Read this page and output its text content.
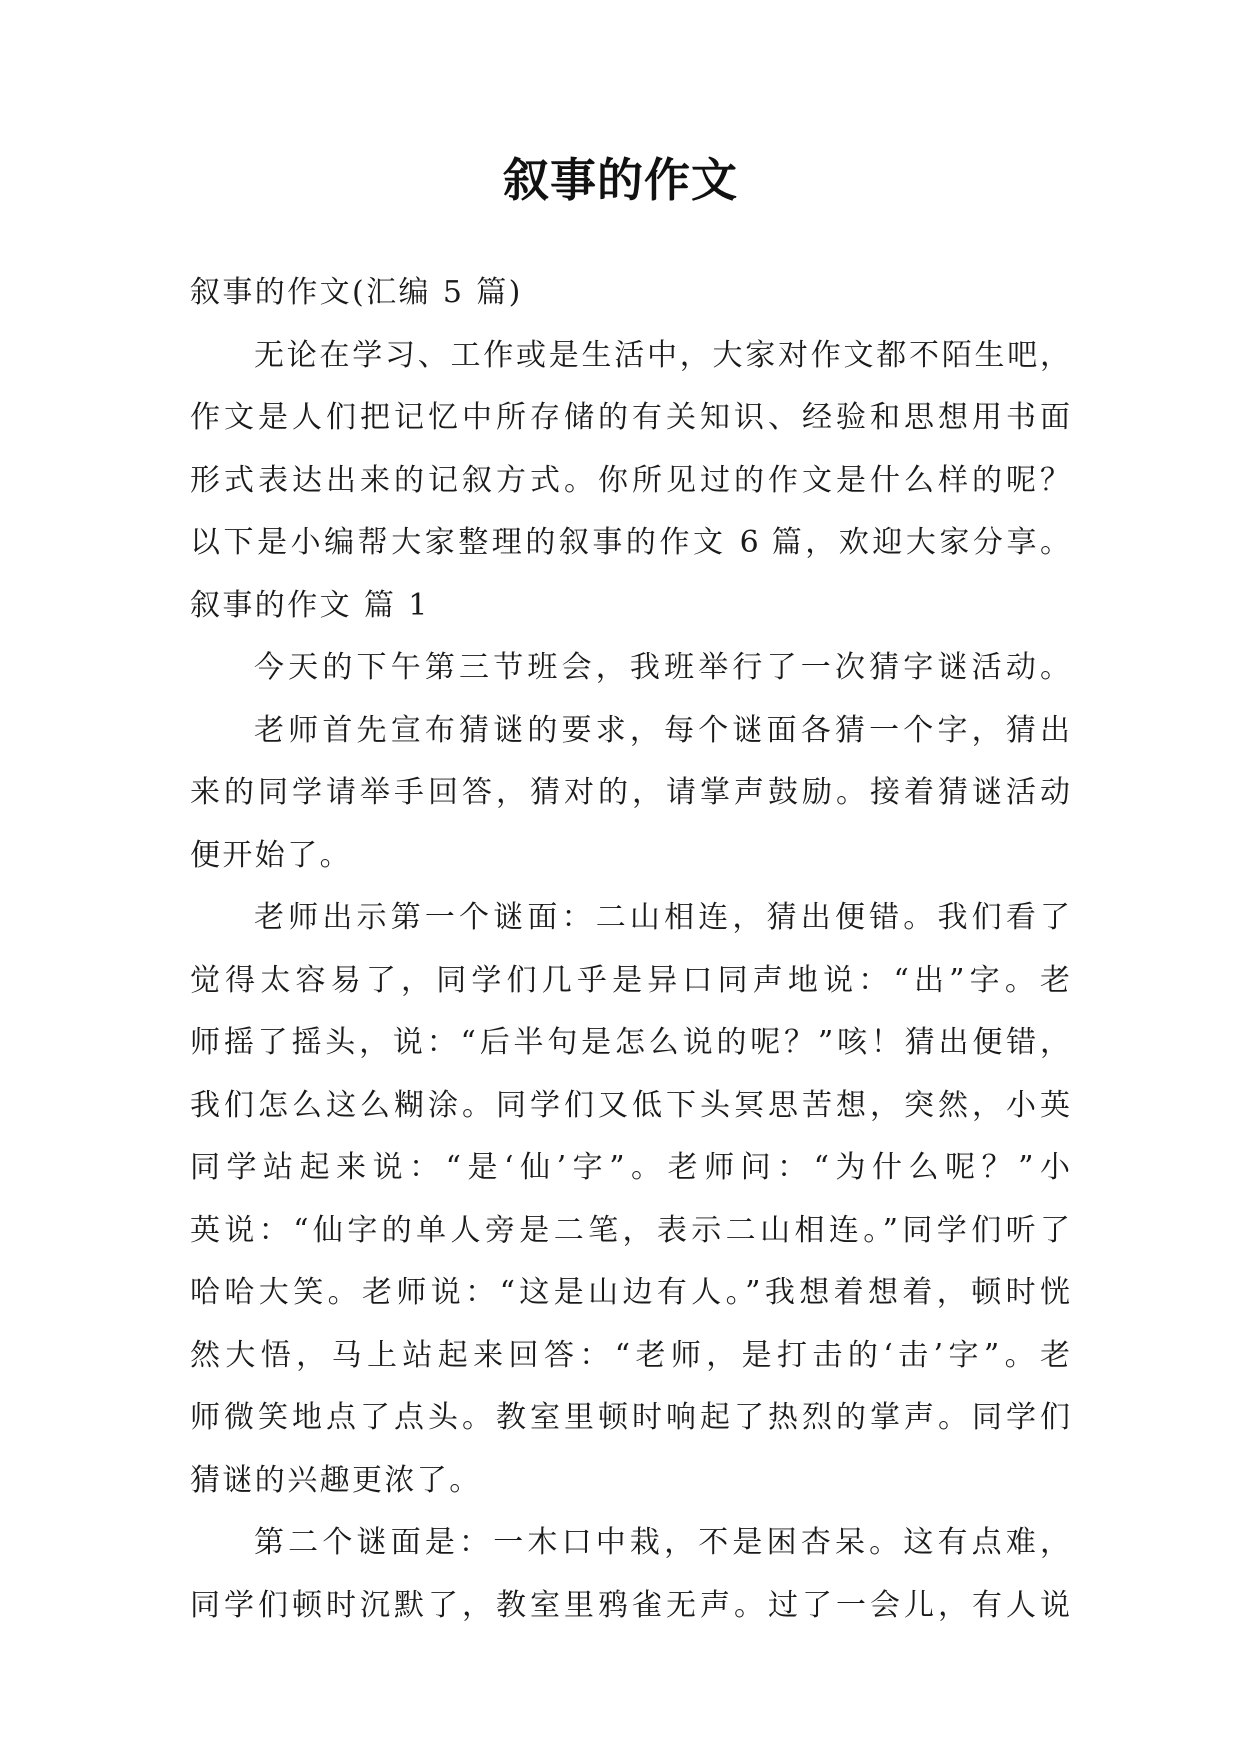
叙事的作文
叙事的作文(汇编 5 篇)
无论在学习、工作或是生活中，大家对作文都不陌生吧，
作文是人们把记忆中所存储的有关知识、经验和思想用书面
形式表达出来的记叙方式。你所见过的作文是什么样的呢？
以下是小编帮大家整理的叙事的作文 6 篇，欢迎大家分享。
叙事的作文 篇 1
今天的下午第三节班会，我班举行了一次猜字谜活动。
老师首先宣布猜谜的要求，每个谜面各猜一个字，猜出
来的同学请举手回答，猜对的，请掌声鼓励。接着猜谜活动
便开始了。
老师出示第一个谜面：二山相连，猜出便错。我们看了
觉得太容易了，同学们几乎是异口同声地说：“出”字。老
师摇了摇头，说：“后半句是怎么说的呢？”咳！猜出便错，
我们怎么这么糊涂。同学们又低下头冥思苦想，突然，小英
同学站起来说：“是‘仙’字”。老师问：“为什么呢？”小
英说：“仙字的单人旁是二笔，表示二山相连。”同学们听了
哈哈大笑。老师说：“这是山边有人。”我想着想着，顿时恍
然大悟，马上站起来回答：“老师，是打击的‘击’字”。老
师微笑地点了点头。教室里顿时响起了热烈的掌声。同学们
猜谜的兴趣更浓了。
第二个谜面是：一木口中栽，不是困杏呆。这有点难，
同学们顿时沉默了，教室里鸦雀无声。过了一会儿，有人说
